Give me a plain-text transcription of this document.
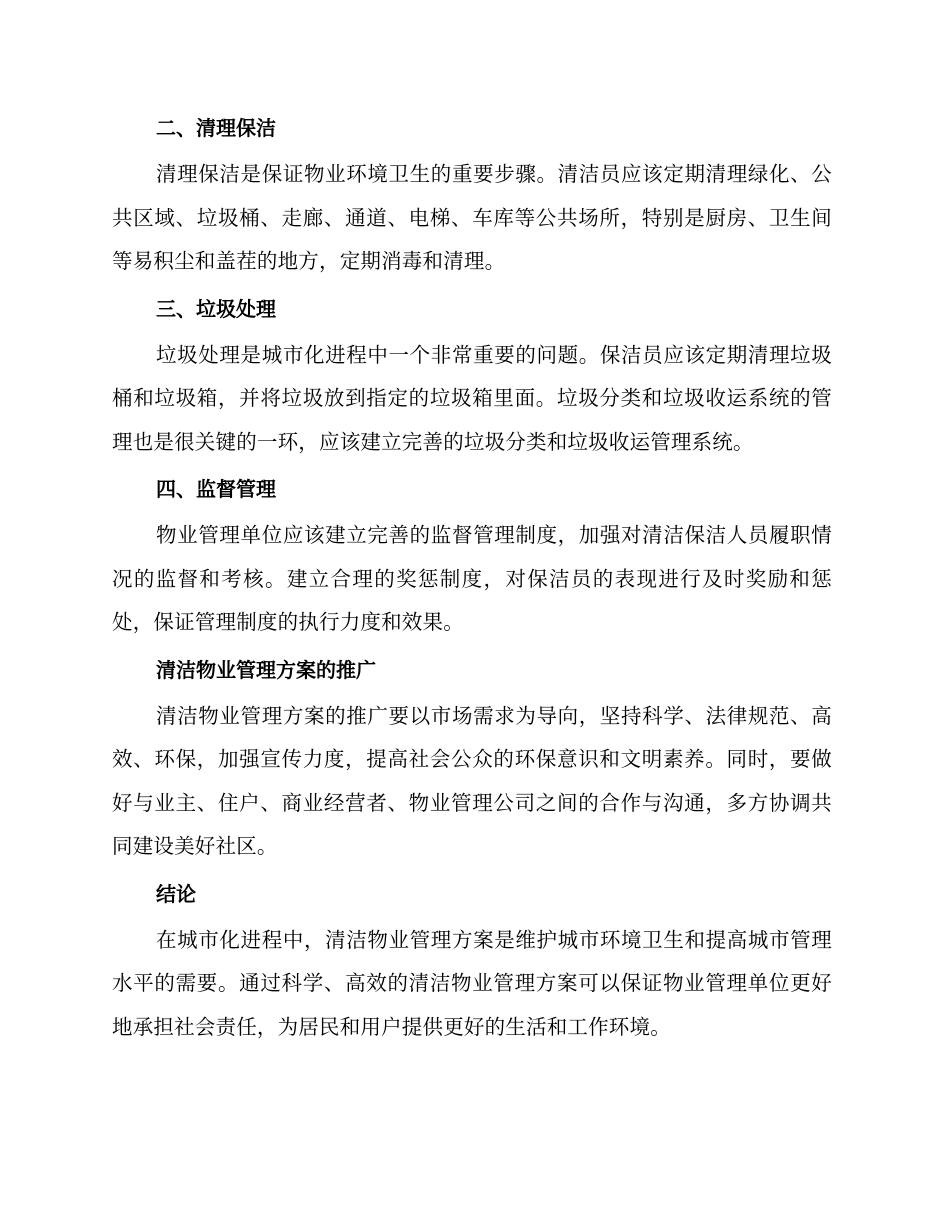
二、清理保洁

清理保洁是保证物业环境卫生的重要步骤。清洁员应该定期清理绿化、公共区域、垃圾桶、走廊、通道、电梯、车库等公共场所，特别是厨房、卫生间等易积尘和盖茬的地方，定期消毒和清理。

三、垃圾处理

垃圾处理是城市化进程中一个非常重要的问题。保洁员应该定期清理垃圾桶和垃圾箱，并将垃圾放到指定的垃圾箱里面。垃圾分类和垃圾收运系统的管理也是很关键的一环，应该建立完善的垃圾分类和垃圾收运管理系统。

四、监督管理

物业管理单位应该建立完善的监督管理制度，加强对清洁保洁人员履职情况的监督和考核。建立合理的奖惩制度，对保洁员的表现进行及时奖励和惩处，保证管理制度的执行力度和效果。

清洁物业管理方案的推广

清洁物业管理方案的推广要以市场需求为导向，坚持科学、法律规范、高效、环保，加强宣传力度，提高社会公众的环保意识和文明素养。同时，要做好与业主、住户、商业经营者、物业管理公司之间的合作与沟通，多方协调共同建设美好社区。

结论

在城市化进程中，清洁物业管理方案是维护城市环境卫生和提高城市管理水平的需要。通过科学、高效的清洁物业管理方案可以保证物业管理单位更好地承担社会责任，为居民和用户提供更好的生活和工作环境。
